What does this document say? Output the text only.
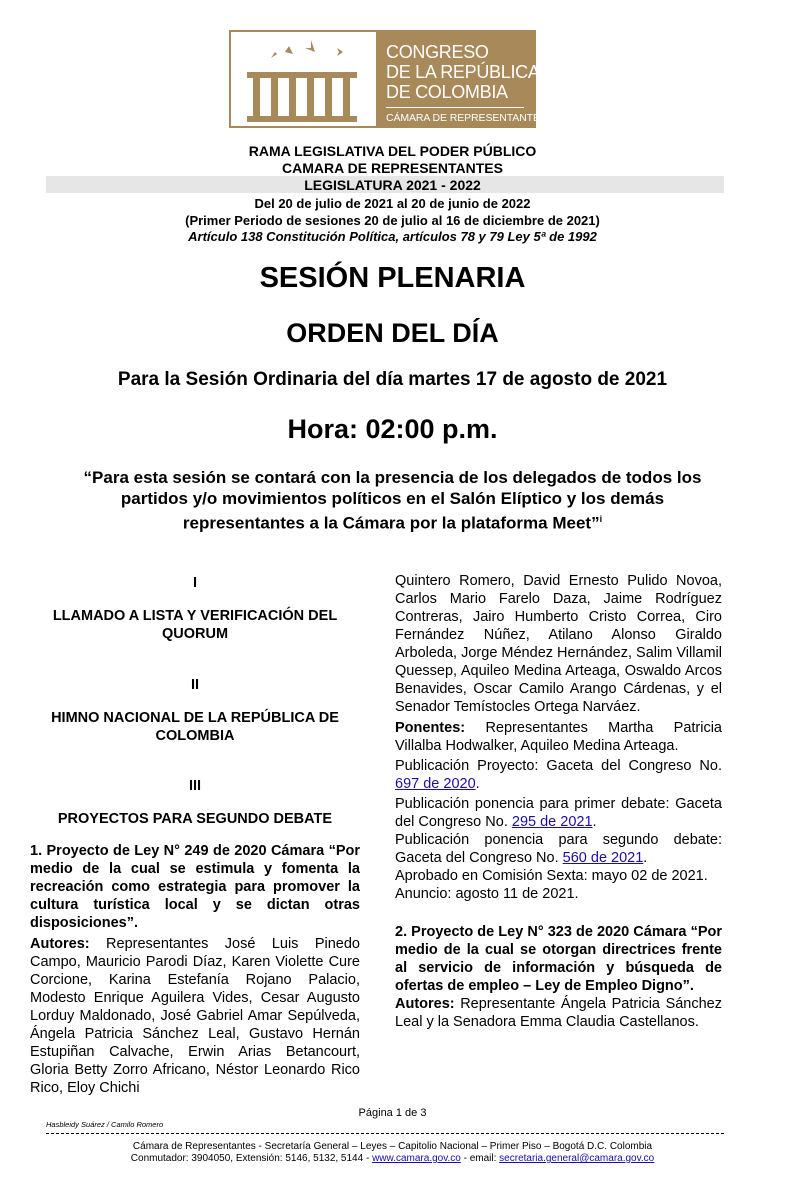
CONGRESO
DE LA REPÚBLICA
DE COLOMBIA
CÁMARA DE REPRESENTANTES
RAMA LEGISLATIVA DEL PODER PÚBLICO
CAMARA DE REPRESENTANTES
LEGISLATURA 2021 - 2022
Del 20 de julio de 2021 al 20 de junio de 2022
(Primer Periodo de sesiones 20 de julio al 16 de diciembre de 2021)
Artículo 138 Constitución Política, artículos 78 y 79 Ley 5ª de 1992
SESIÓN PLENARIA
ORDEN DEL DÍA
Para la Sesión Ordinaria del día martes 17 de agosto de 2021
Hora: 02:00 p.m.
“Para esta sesión se contará con la presencia de los delegados de todos los
partidos y/o movimientos políticos en el Salón Elíptico y los demás
representantes a la Cámara por la plataforma Meet”$^i$
I
LLAMADO A LISTA Y VERIFICACIÓN DEL QUORUM
II
HIMNO NACIONAL DE LA REPÚBLICA DE COLOMBIA
III
PROYECTOS PARA SEGUNDO DEBATE
1. Proyecto de Ley N° 249 de 2020 Cámara “Por medio de la cual se estimula y fomenta la recreación como estrategia para promover la cultura turística local y se dictan otras disposiciones”.
Autores: Representantes José Luis Pinedo Campo, Mauricio Parodi Díaz, Karen Violette Cure Corcione, Karina Estefanía Rojano Palacio, Modesto Enrique Aguilera Vides, Cesar Augusto Lorduy Maldonado, José Gabriel Amar Sepúlveda, Ángela Patricia Sánchez Leal, Gustavo Hernán Estupiñan Calvache, Erwin Arias Betancourt, Gloria Betty Zorro Africano, Néstor Leonardo Rico Rico, Eloy Chichi
Quintero Romero, David Ernesto Pulido Novoa, Carlos Mario Farelo Daza, Jaime Rodríguez Contreras, Jairo Humberto Cristo Correa, Ciro Fernández Núñez, Atilano Alonso Giraldo Arboleda, Jorge Méndez Hernández, Salim Villamil Quessep, Aquileo Medina Arteaga, Oswaldo Arcos Benavides, Oscar Camilo Arango Cárdenas, y el Senador Temístocles Ortega Narváez.
Ponentes: Representantes Martha Patricia Villalba Hodwalker, Aquileo Medina Arteaga.
Publicación Proyecto: Gaceta del Congreso No. 697 de 2020.
Publicación ponencia para primer debate: Gaceta del Congreso No. 295 de 2021.
Publicación ponencia para segundo debate: Gaceta del Congreso No. 560 de 2021.
Aprobado en Comisión Sexta: mayo 02 de 2021.
Anuncio: agosto 11 de 2021.
2. Proyecto de Ley N° 323 de 2020 Cámara “Por medio de la cual se otorgan directrices frente al servicio de información y búsqueda de ofertas de empleo – Ley de Empleo Digno”.
Autores: Representante Ángela Patricia Sánchez Leal y la Senadora Emma Claudia Castellanos.
Página 1 de 3
Hasbleidy Suárez / Camilo Romero
Cámara de Representantes - Secretaría General – Leyes – Capitolio Nacional – Primer Piso – Bogotá D.C. Colombia
Conmutador: 3904050, Extensión: 5146, 5132, 5144 - www.camara.gov.co - email: secretaria.general@camara.gov.co
